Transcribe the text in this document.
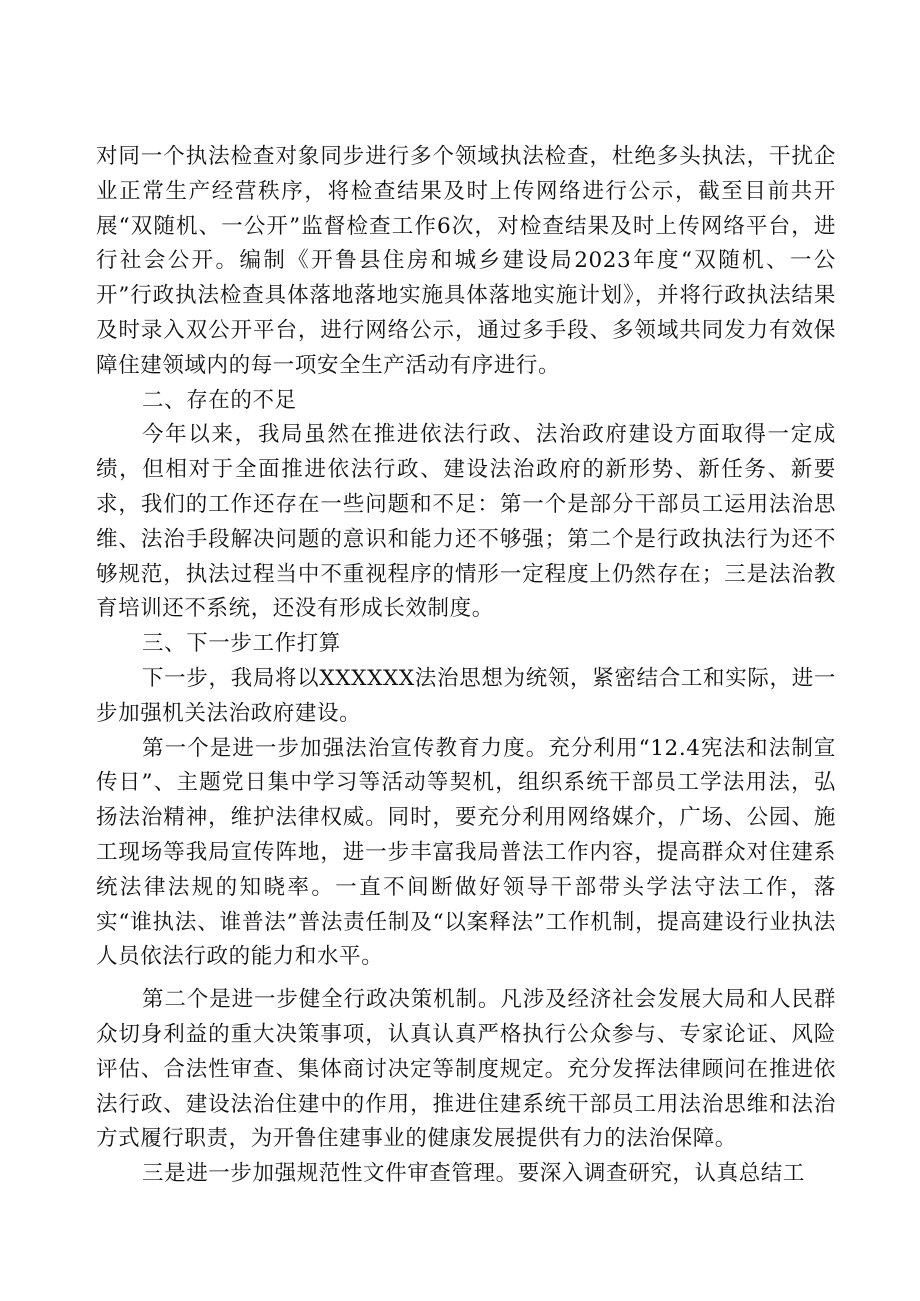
对同一个执法检查对象同步进行多个领域执法检查，杜绝多头执法，干扰企业正常生产经营秩序，将检查结果及时上传网络进行公示，截至目前共开展“双随机、一公开”监督检查工作6次，对检查结果及时上传网络平台，进行社会公开。编制《开鲁县住房和城乡建设局2023年度“双随机、一公开”行政执法检查具体落地落地实施具体落地实施计划》，并将行政执法结果及时录入双公开平台，进行网络公示，通过多手段、多领域共同发力有效保障住建领域内的每一项安全生产活动有序进行。

二、存在的不足

今年以来，我局虽然在推进依法行政、法治政府建设方面取得一定成绩，但相对于全面推进依法行政、建设法治政府的新形势、新任务、新要求，我们的工作还存在一些问题和不足：第一个是部分干部员工运用法治思维、法治手段解决问题的意识和能力还不够强；第二个是行政执法行为还不够规范，执法过程当中不重视程序的情形一定程度上仍然存在；三是法治教育培训还不系统，还没有形成长效制度。

三、下一步工作打算

下一步，我局将以XXXXXX法治思想为统领，紧密结合工和实际，进一步加强机关法治政府建设。

第一个是进一步加强法治宣传教育力度。充分利用“12.4宪法和法制宣传日”、主题党日集中学习等活动等契机，组织系统干部员工学法用法，弘扬法治精神，维护法律权威。同时，要充分利用网络媒介，广场、公园、施工现场等我局宣传阵地，进一步丰富我局普法工作内容，提高群众对住建系统法律法规的知晓率。一直不间断做好领导干部带头学法守法工作，落实“谁执法、谁普法”普法责任制及“以案释法”工作机制，提高建设行业执法人员依法行政的能力和水平。

第二个是进一步健全行政决策机制。凡涉及经济社会发展大局和人民群众切身利益的重大决策事项，认真认真严格执行公众参与、专家论证、风险评估、合法性审查、集体商讨决定等制度规定。充分发挥法律顾问在推进依法行政、建设法治住建中的作用，推进住建系统干部员工用法治思维和法治方式履行职责，为开鲁住建事业的健康发展提供有力的法治保障。

三是进一步加强规范性文件审查管理。要深入调查研究，认真总结工
